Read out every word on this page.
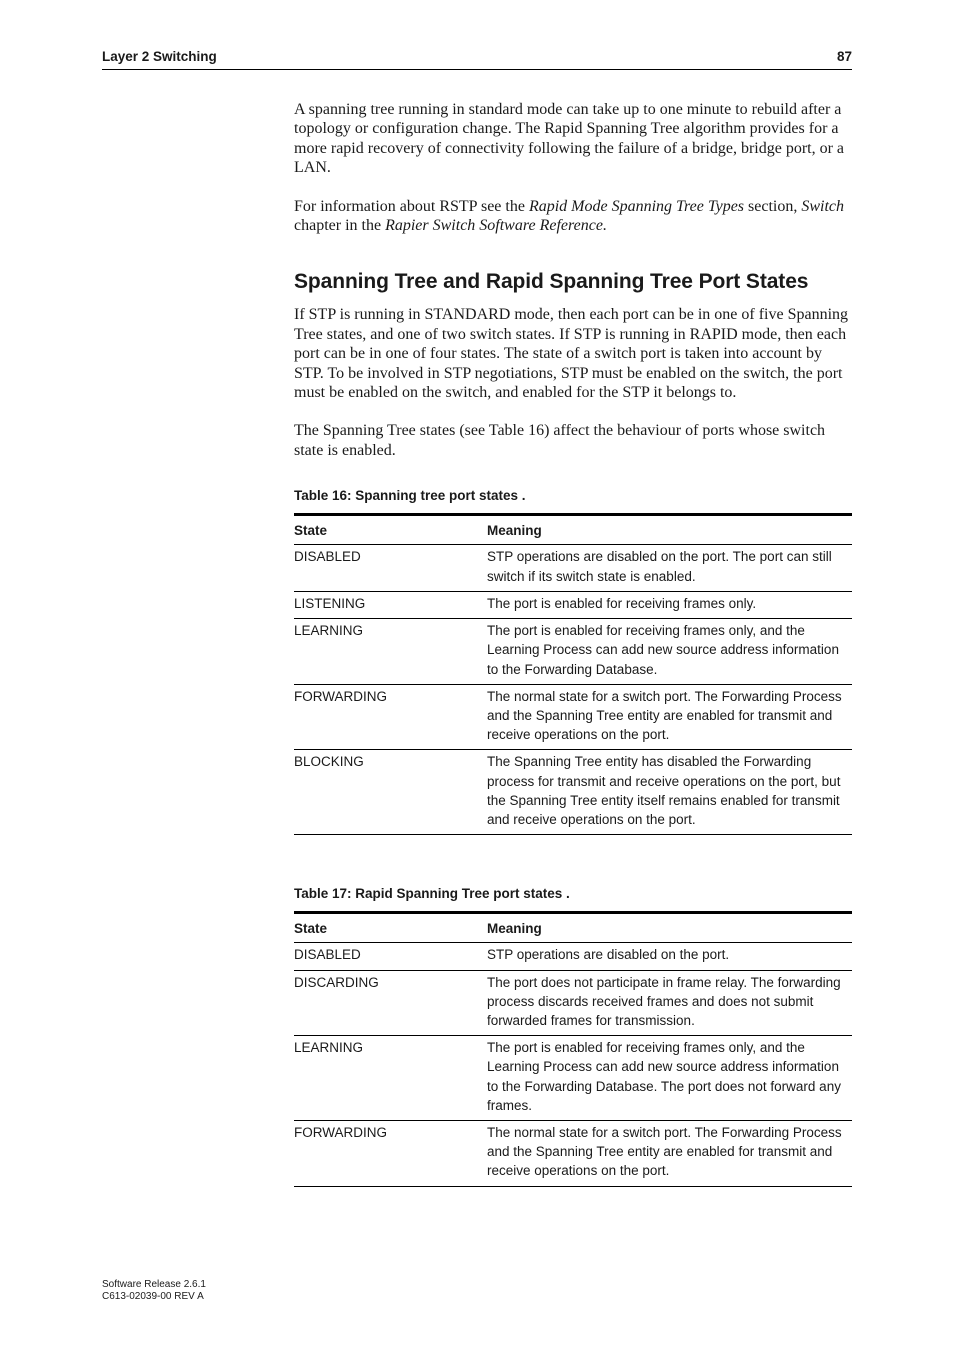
Layer 2 Switching	87

A spanning tree running in standard mode can take up to one minute to rebuild after a topology or configuration change. The Rapid Spanning Tree algorithm provides for a more rapid recovery of connectivity following the failure of a bridge, bridge port, or a LAN.

For information about RSTP see the Rapid Mode Spanning Tree Types section, Switch chapter in the Rapier Switch Software Reference.

Spanning Tree and Rapid Spanning Tree Port States

If STP is running in STANDARD mode, then each port can be in one of five Spanning Tree states, and one of two switch states. If STP is running in RAPID mode, then each port can be in one of four states. The state of a switch port is taken into account by STP. To be involved in STP negotiations, STP must be enabled on the switch, the port must be enabled on the switch, and enabled for the STP it belongs to.

The Spanning Tree states (see Table 16) affect the behaviour of ports whose switch state is enabled.

Table 16: Spanning tree port states .
State	Meaning
DISABLED	STP operations are disabled on the port. The port can still switch if its switch state is enabled.
LISTENING	The port is enabled for receiving frames only.
LEARNING	The port is enabled for receiving frames only, and the Learning Process can add new source address information to the Forwarding Database.
FORWARDING	The normal state for a switch port. The Forwarding Process and the Spanning Tree entity are enabled for transmit and receive operations on the port.
BLOCKING	The Spanning Tree entity has disabled the Forwarding process for transmit and receive operations on the port, but the Spanning Tree entity itself remains enabled for transmit and receive operations on the port.
Table 17: Rapid Spanning Tree port states .
State	Meaning
DISABLED	STP operations are disabled on the port.
DISCARDING	The port does not participate in frame relay. The forwarding process discards received frames and does not submit forwarded frames for transmission.
LEARNING	The port is enabled for receiving frames only, and the Learning Process can add new source address information to the Forwarding Database. The port does not forward any frames.
FORWARDING	The normal state for a switch port. The Forwarding Process and the Spanning Tree entity are enabled for transmit and receive operations on the port.
Software Release 2.6.1
C613-02039-00 REV A
